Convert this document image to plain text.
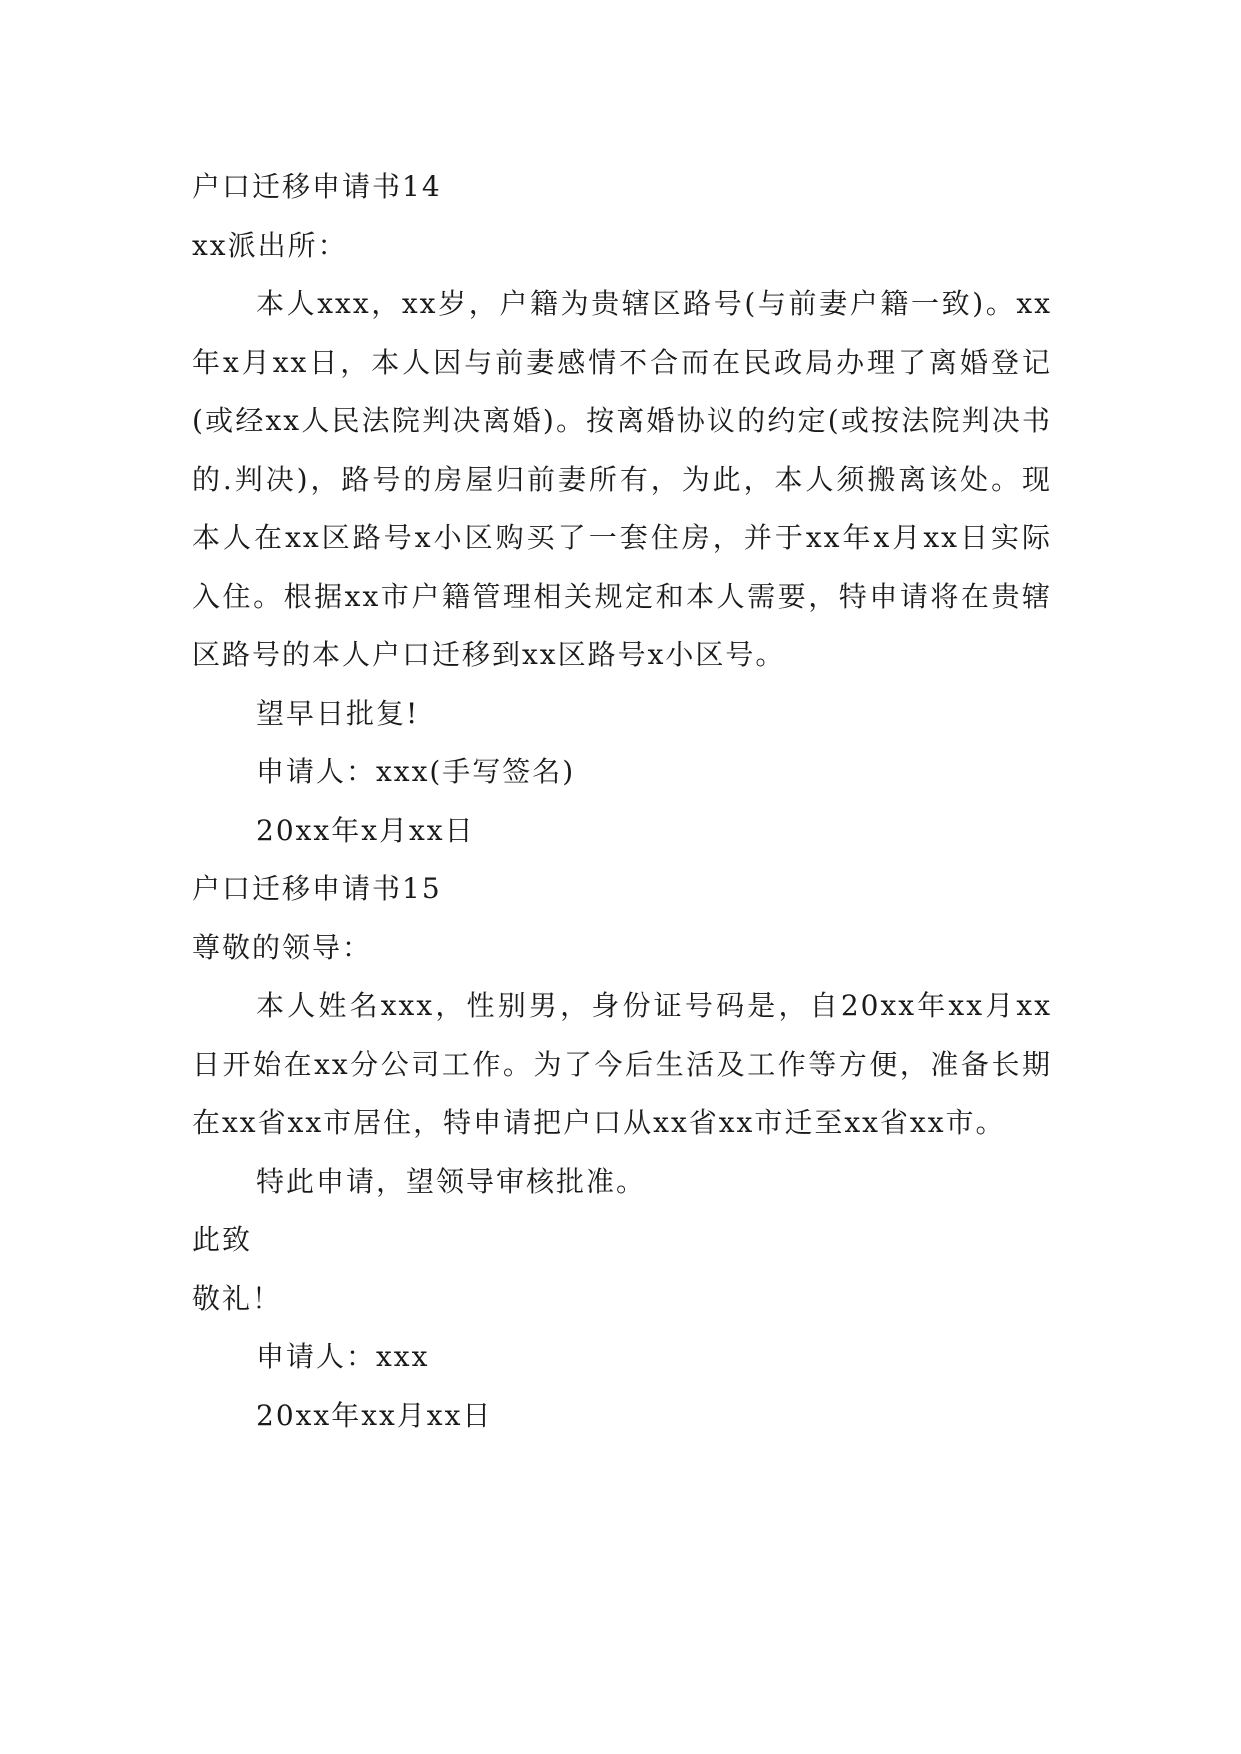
户口迁移申请书14
xx派出所：

本人xxx，xx岁，户籍为贵辖区路号(与前妻户籍一致)。xx年x月xx日，本人因与前妻感情不合而在民政局办理了离婚登记(或经xx人民法院判决离婚)。按离婚协议的约定(或按法院判决书的.判决)，路号的房屋归前妻所有，为此，本人须搬离该处。现本人在xx区路号x小区购买了一套住房，并于xx年x月xx日实际入住。根据xx市户籍管理相关规定和本人需要，特申请将在贵辖区路号的本人户口迁移到xx区路号x小区号。

望早日批复!
申请人：xxx(手写签名)
20xx年x月xx日
户口迁移申请书15
尊敬的领导：

本人姓名xxx，性别男，身份证号码是，自20xx年xx月xx日开始在xx分公司工作。为了今后生活及工作等方便，准备长期在xx省xx市居住，特申请把户口从xx省xx市迁至xx省xx市。

特此申请，望领导审核批准。
此致
敬礼！
申请人：xxx
20xx年xx月xx日
